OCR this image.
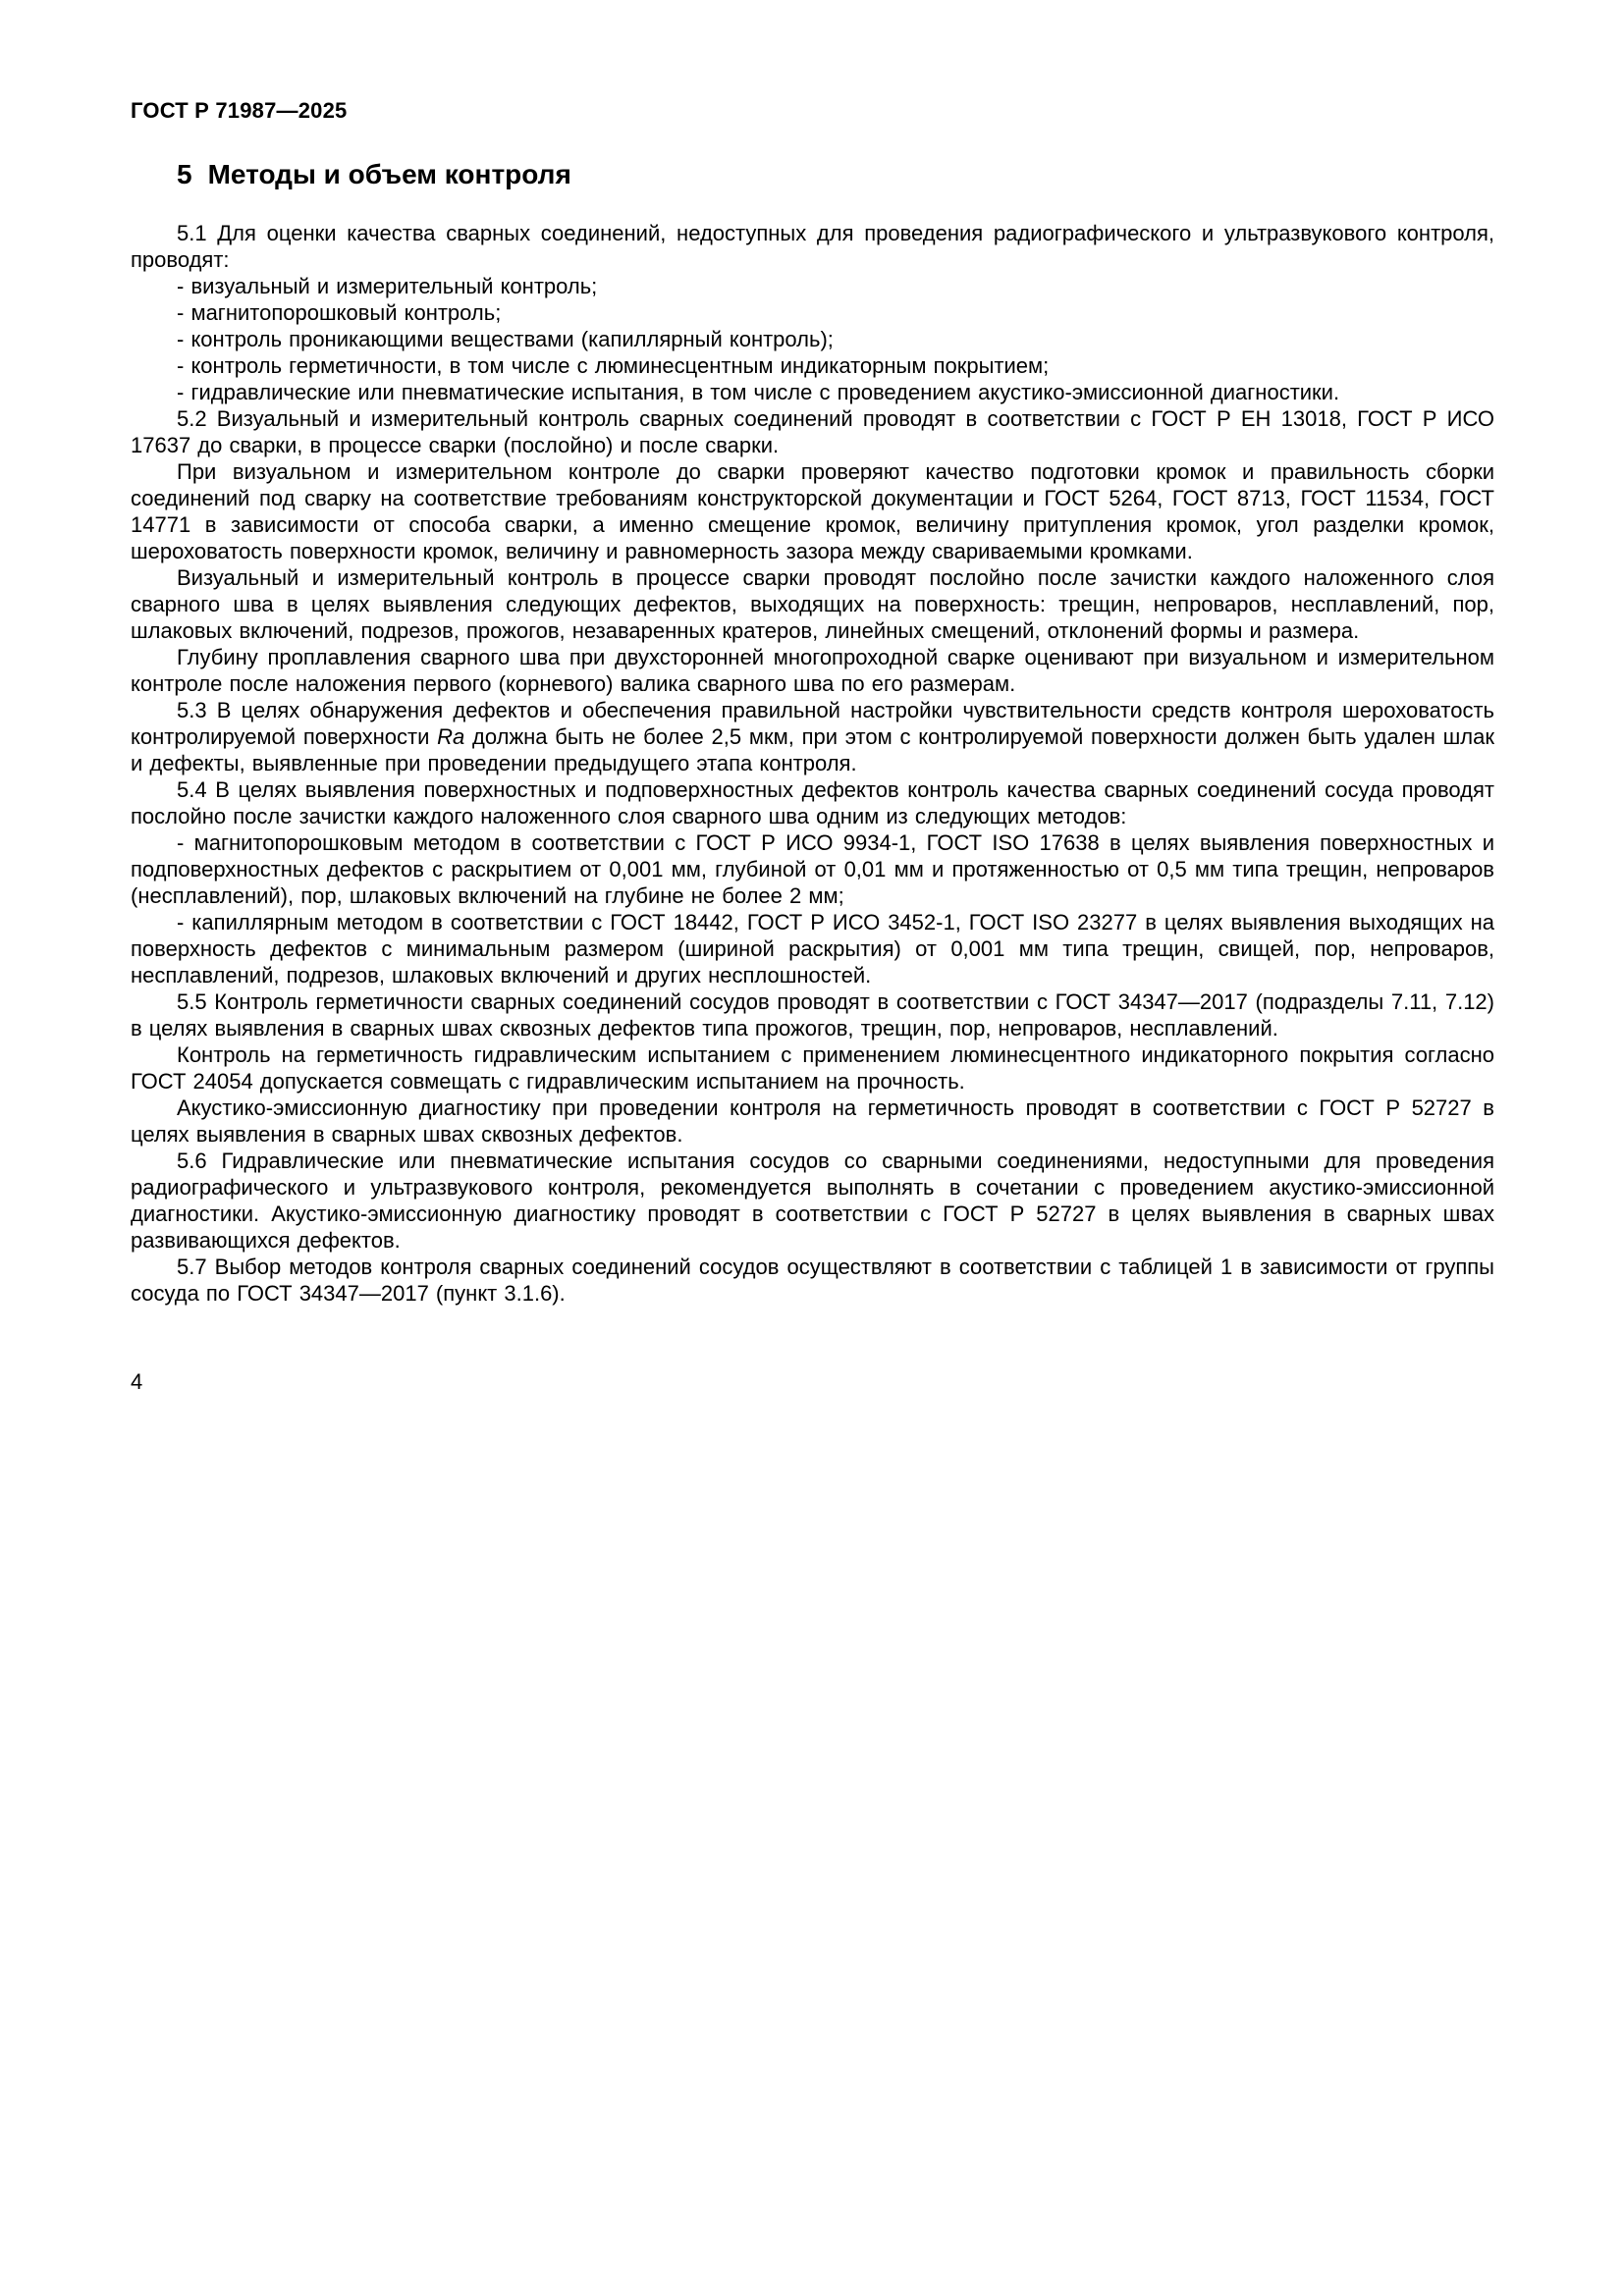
ГОСТ Р 71987—2025
5 Методы и объем контроля

5.1 Для оценки качества сварных соединений, недоступных для проведения радиографического и ультразвукового контроля, проводят:

- визуальный и измерительный контроль;

- магнитопорошковый контроль;

- контроль проникающими веществами (капиллярный контроль);

- контроль герметичности, в том числе с люминесцентным индикаторным покрытием;

- гидравлические или пневматические испытания, в том числе с проведением акустико-эмиссионной диагностики.

5.2 Визуальный и измерительный контроль сварных соединений проводят в соответствии с ГОСТ Р ЕН 13018, ГОСТ Р ИСО 17637 до сварки, в процессе сварки (послойно) и после сварки.

При визуальном и измерительном контроле до сварки проверяют качество подготовки кромок и правильность сборки соединений под сварку на соответствие требованиям конструкторской документации и ГОСТ 5264, ГОСТ 8713, ГОСТ 11534, ГОСТ 14771 в зависимости от способа сварки, а именно смещение кромок, величину притупления кромок, угол разделки кромок, шероховатость поверхности кромок, величину и равномерность зазора между свариваемыми кромками.

Визуальный и измерительный контроль в процессе сварки проводят послойно после зачистки каждого наложенного слоя сварного шва в целях выявления следующих дефектов, выходящих на поверхность: трещин, непроваров, несплавлений, пор, шлаковых включений, подрезов, прожогов, незаваренных кратеров, линейных смещений, отклонений формы и размера.

Глубину проплавления сварного шва при двухсторонней многопроходной сварке оценивают при визуальном и измерительном контроле после наложения первого (корневого) валика сварного шва по его размерам.

5.3 В целях обнаружения дефектов и обеспечения правильной настройки чувствительности средств контроля шероховатость контролируемой поверхности Ra должна быть не более 2,5 мкм, при этом с контролируемой поверхности должен быть удален шлак и дефекты, выявленные при проведении предыдущего этапа контроля.

5.4 В целях выявления поверхностных и подповерхностных дефектов контроль качества сварных соединений сосуда проводят послойно после зачистки каждого наложенного слоя сварного шва одним из следующих методов:

- магнитопорошковым методом в соответствии с ГОСТ Р ИСО 9934-1, ГОСТ ISO 17638 в целях выявления поверхностных и подповерхностных дефектов с раскрытием от 0,001 мм, глубиной от 0,01 мм и протяженностью от 0,5 мм типа трещин, непроваров (несплавлений), пор, шлаковых включений на глубине не более 2 мм;

- капиллярным методом в соответствии с ГОСТ 18442, ГОСТ Р ИСО 3452-1, ГОСТ ISO 23277 в целях выявления выходящих на поверхность дефектов с минимальным размером (шириной раскрытия) от 0,001 мм типа трещин, свищей, пор, непроваров, несплавлений, подрезов, шлаковых включений и других несплошностей.

5.5 Контроль герметичности сварных соединений сосудов проводят в соответствии с ГОСТ 34347—2017 (подразделы 7.11, 7.12) в целях выявления в сварных швах сквозных дефектов типа прожогов, трещин, пор, непроваров, несплавлений.

Контроль на герметичность гидравлическим испытанием с применением люминесцентного индикаторного покрытия согласно ГОСТ 24054 допускается совмещать с гидравлическим испытанием на прочность.

Акустико-эмиссионную диагностику при проведении контроля на герметичность проводят в соответствии с ГОСТ Р 52727 в целях выявления в сварных швах сквозных дефектов.

5.6 Гидравлические или пневматические испытания сосудов со сварными соединениями, недоступными для проведения радиографического и ультразвукового контроля, рекомендуется выполнять в сочетании с проведением акустико-эмиссионной диагностики. Акустико-эмиссионную диагностику проводят в соответствии с ГОСТ Р 52727 в целях выявления в сварных швах развивающихся дефектов.

5.7 Выбор методов контроля сварных соединений сосудов осуществляют в соответствии с таблицей 1 в зависимости от группы сосуда по ГОСТ 34347—2017 (пункт 3.1.6).

4
